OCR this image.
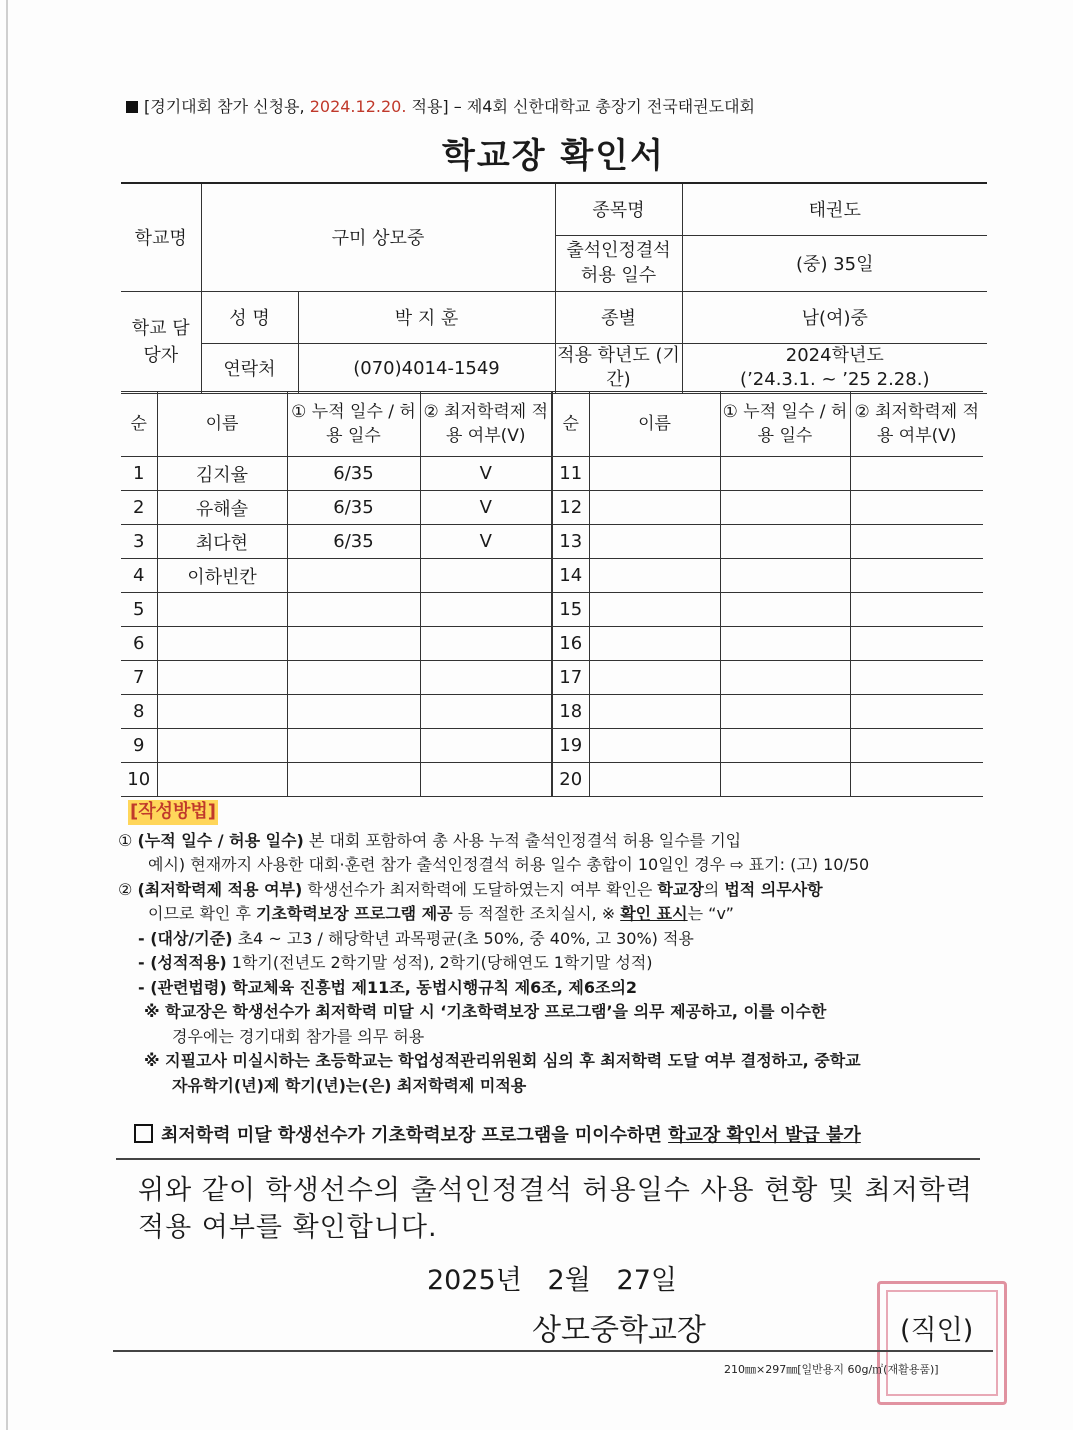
[경기대회 참가 신청용, 2024.12.20. 적용] – 제4회 신한대학교 총장기 전국태권도대회
학교장 확인서
학교명	구미 상모중		종목명	태권도
			출석인정결석 허용 일수	(중) 35일
학교 담당자	성 명	박 지 훈	종별	남(여)중
	연락처	(070)4014-1549	적용 학년도 (기간)	2024학년도
(’24.3.1. ~ ’25 2.28.)
순	이름	① 누적 일수 / 허용 일수	② 최저학력제 적용 여부(V)	순	이름	① 누적 일수 / 허용 일수	② 최저학력제 적용 여부(V)
1	김지율	6/35	V	11			
2	유해솔	6/35	V	12			
3	최다현	6/35	V	13			
4	이하빈칸			14			
5				15			
6				16			
7				17			
8				18			
9				19			
10				20			
[작성방법]
① (누적 일수 / 허용 일수) 본 대회 포함하여 총 사용 누적 출석인정결석 허용 일수를 기입
예시) 현재까지 사용한 대회·훈련 참가 출석인정결석 허용 일수 총합이 10일인 경우 ⇨ 표기: (고) 10/50
② (최저학력제 적용 여부) 학생선수가 최저학력에 도달하였는지 여부 확인은 학교장의 법적 의무사항
이므로 확인 후 기초학력보장 프로그램 제공 등 적절한 조치실시, ※ 확인 표시는 “v”
- (대상/기준) 초4 ~ 고3 / 해당학년 과목평균(초 50%, 중 40%, 고 30%) 적용
- (성적적용) 1학기(전년도 2학기말 성적), 2학기(당해연도 1학기말 성적)
- (관련법령) 학교체육 진흥법 제11조, 동법시행규칙 제6조, 제6조의2
※ 학교장은 학생선수가 최저학력 미달 시 ‘기초학력보장 프로그램’을 의무 제공하고, 이를 이수한
경우에는 경기대회 참가를 의무 허용
※ 지필고사 미실시하는 초등학교는 학업성적관리위원회 심의 후 최저학력 도달 여부 결정하고, 중학교
자유학기(년)제 학기(년)는(은) 최저학력제 미적용
최저학력 미달 학생선수가 기초학력보장 프로그램을 미이수하면 학교장 확인서 발급 불가
위와 같이 학생선수의 출석인정결석 허용일수 사용 현황 및 최저학력 적용 여부를 확인합니다.
2025년   2월   27일
상모중학교장	(직인)
210㎜×297㎜[일반용지 60g/㎡(재활용품)]
